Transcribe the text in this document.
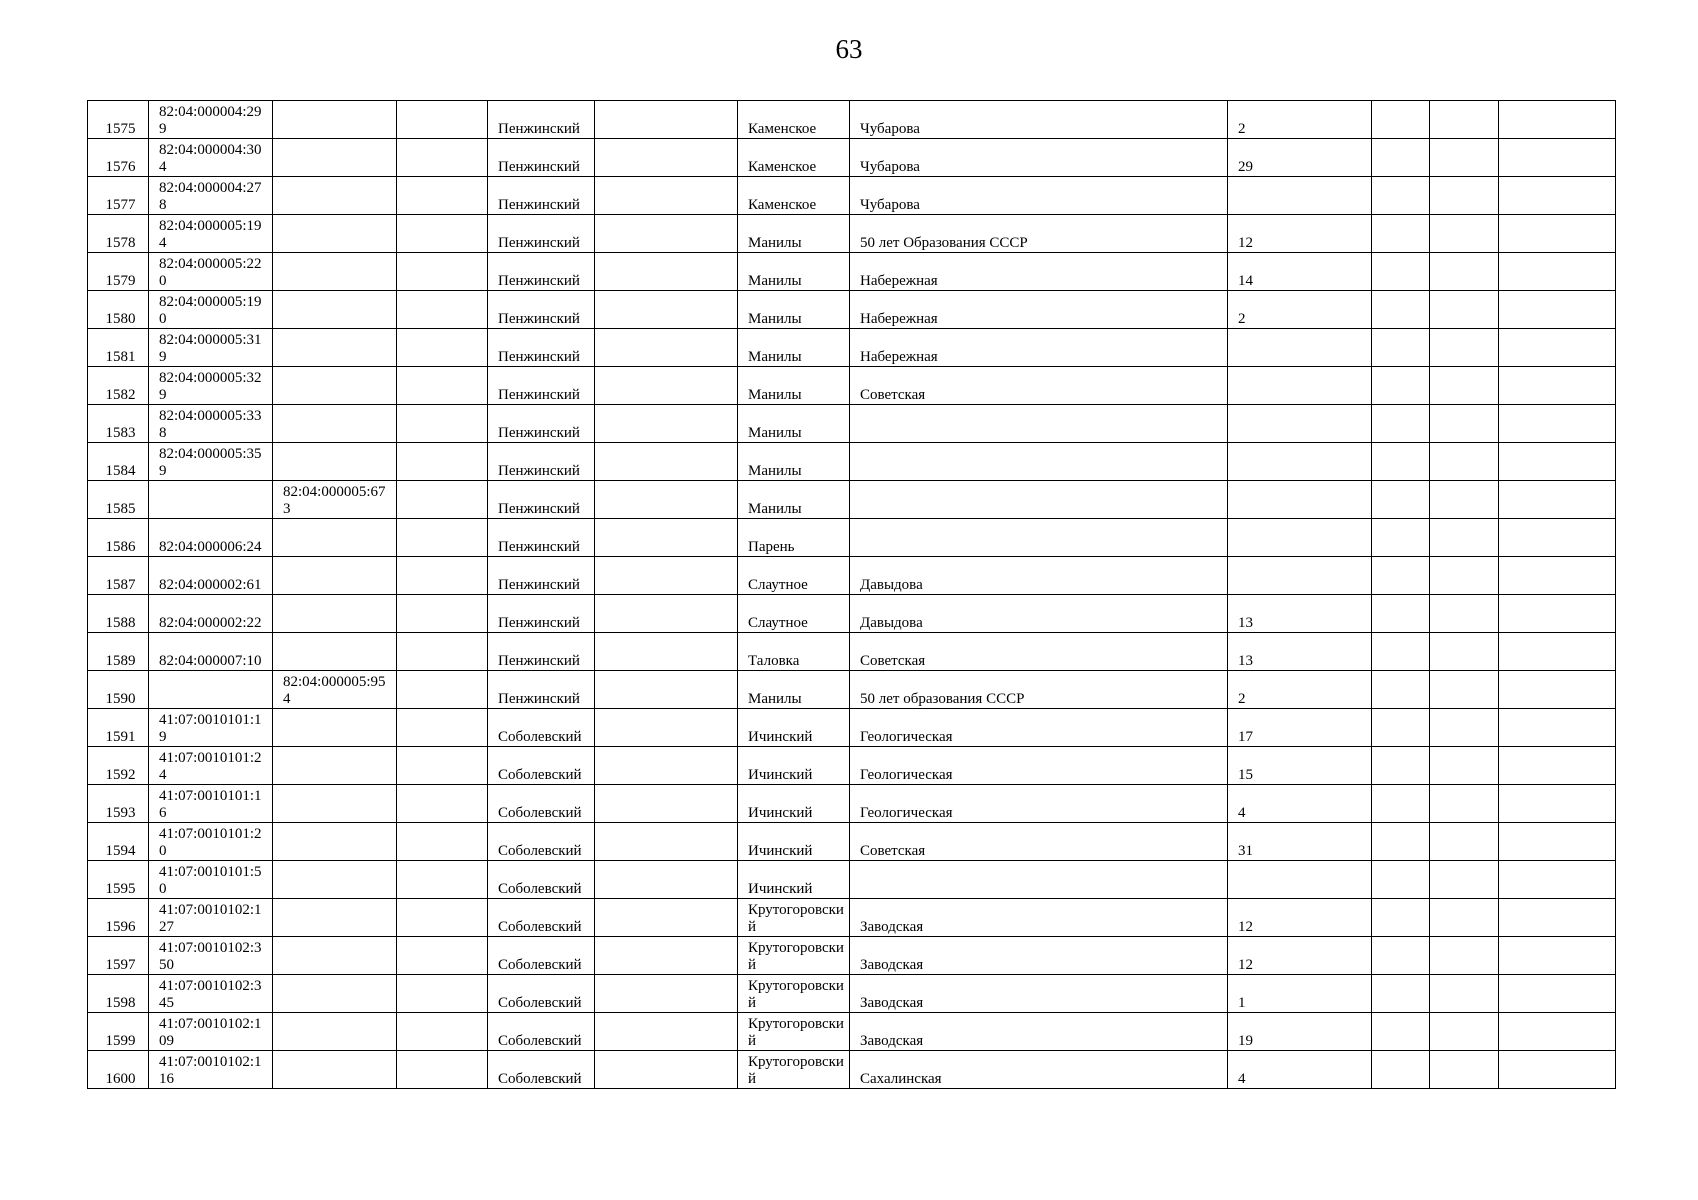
63
1575	82:04:000004:299			Пенжинский		Каменское	Чубарова	2			
1576	82:04:000004:304			Пенжинский		Каменское	Чубарова	29			
1577	82:04:000004:278			Пенжинский		Каменское	Чубарова				
1578	82:04:000005:194			Пенжинский		Манилы	50 лет Образования СССР	12			
1579	82:04:000005:220			Пенжинский		Манилы	Набережная	14			
1580	82:04:000005:190			Пенжинский		Манилы	Набережная	2			
1581	82:04:000005:319			Пенжинский		Манилы	Набережная				
1582	82:04:000005:329			Пенжинский		Манилы	Советская				
1583	82:04:000005:338			Пенжинский		Манилы					
1584	82:04:000005:359			Пенжинский		Манилы					
1585		82:04:000005:673		Пенжинский		Манилы					
1586	82:04:000006:24			Пенжинский		Парень					
1587	82:04:000002:61			Пенжинский		Слаутное	Давыдова				
1588	82:04:000002:22			Пенжинский		Слаутное	Давыдова	13			
1589	82:04:000007:10			Пенжинский		Таловка	Советская	13			
1590		82:04:000005:954		Пенжинский		Манилы	50 лет образования СССР	2			
1591	41:07:0010101:19			Соболевский		Ичинский	Геологическая	17			
1592	41:07:0010101:24			Соболевский		Ичинский	Геологическая	15			
1593	41:07:0010101:16			Соболевский		Ичинский	Геологическая	4			
1594	41:07:0010101:20			Соболевский		Ичинский	Советская	31			
1595	41:07:0010101:50			Соболевский		Ичинский					
1596	41:07:0010102:127			Соболевский		Крутогоровский	Заводская	12			
1597	41:07:0010102:350			Соболевский		Крутогоровский	Заводская	12			
1598	41:07:0010102:345			Соболевский		Крутогоровский	Заводская	1			
1599	41:07:0010102:109			Соболевский		Крутогоровский	Заводская	19			
1600	41:07:0010102:116			Соболевский		Крутогоровский	Сахалинская	4			
